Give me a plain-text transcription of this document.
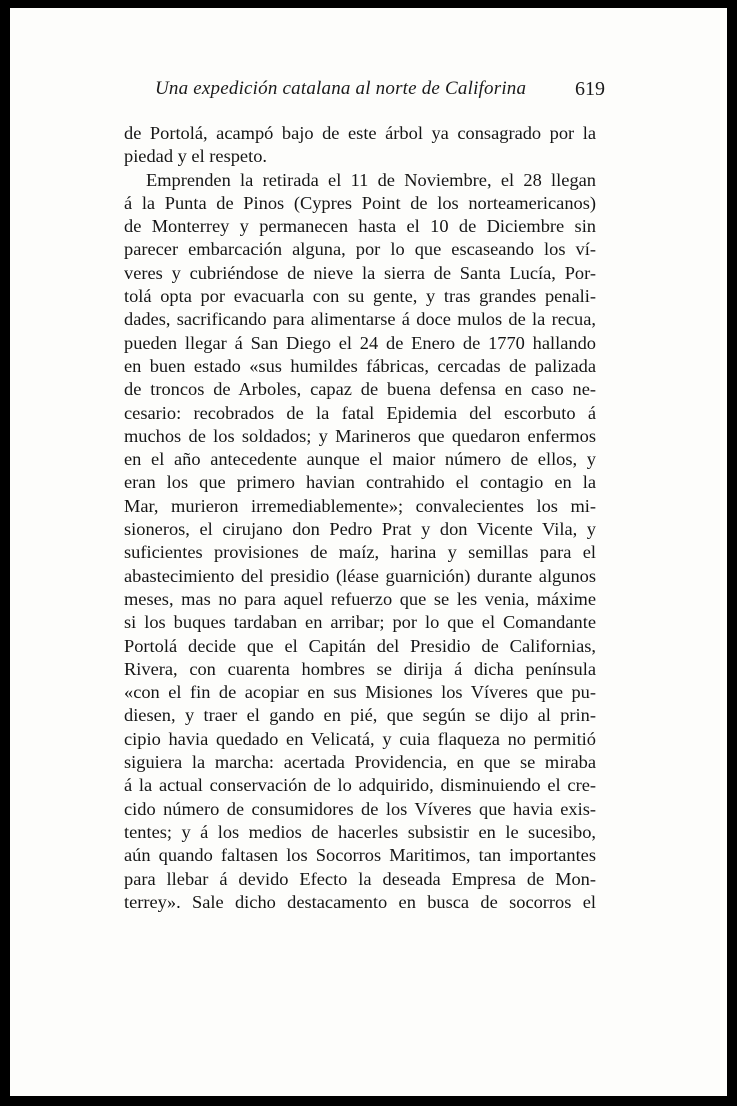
Una expedición catalana al norte de Califorina 619
de Portolá, acampó bajo de este árbol ya consagrado por la
piedad y el respeto.
Emprenden la retirada el 11 de Noviembre, el 28 llegan
á la Punta de Pinos (Cypres Point de los norteamericanos)
de Monterrey y permanecen hasta el 10 de Diciembre sin
parecer embarcación alguna, por lo que escaseando los ví-
veres y cubriéndose de nieve la sierra de Santa Lucía, Por-
tolá opta por evacuarla con su gente, y tras grandes penali-
dades, sacrificando para alimentarse á doce mulos de la recua,
pueden llegar á San Diego el 24 de Enero de 1770 hallando
en buen estado «sus humildes fábricas, cercadas de palizada
de troncos de Arboles, capaz de buena defensa en caso ne-
cesario: recobrados de la fatal Epidemia del escorbuto á
muchos de los soldados; y Marineros que quedaron enfermos
en el año antecedente aunque el maior número de ellos, y
eran los que primero havian contrahido el contagio en la
Mar, murieron irremediablemente»; convalecientes los mi-
sioneros, el cirujano don Pedro Prat y don Vicente Vila, y
suficientes provisiones de maíz, harina y semillas para el
abastecimiento del presidio (léase guarnición) durante algunos
meses, mas no para aquel refuerzo que se les venia, máxime
si los buques tardaban en arribar; por lo que el Comandante
Portolá decide que el Capitán del Presidio de Californias,
Rivera, con cuarenta hombres se dirija á dicha península
«con el fin de acopiar en sus Misiones los Víveres que pu-
diesen, y traer el gando en pié, que según se dijo al prin-
cipio havia quedado en Velicatá, y cuia flaqueza no permitió
siguiera la marcha: acertada Providencia, en que se miraba
á la actual conservación de lo adquirido, disminuiendo el cre-
cido número de consumidores de los Víveres que havia exis-
tentes; y á los medios de hacerles subsistir en le sucesibo,
aún quando faltasen los Socorros Maritimos, tan importantes
para llebar á devido Efecto la deseada Empresa de Mon-
terrey». Sale dicho destacamento en busca de socorros el
